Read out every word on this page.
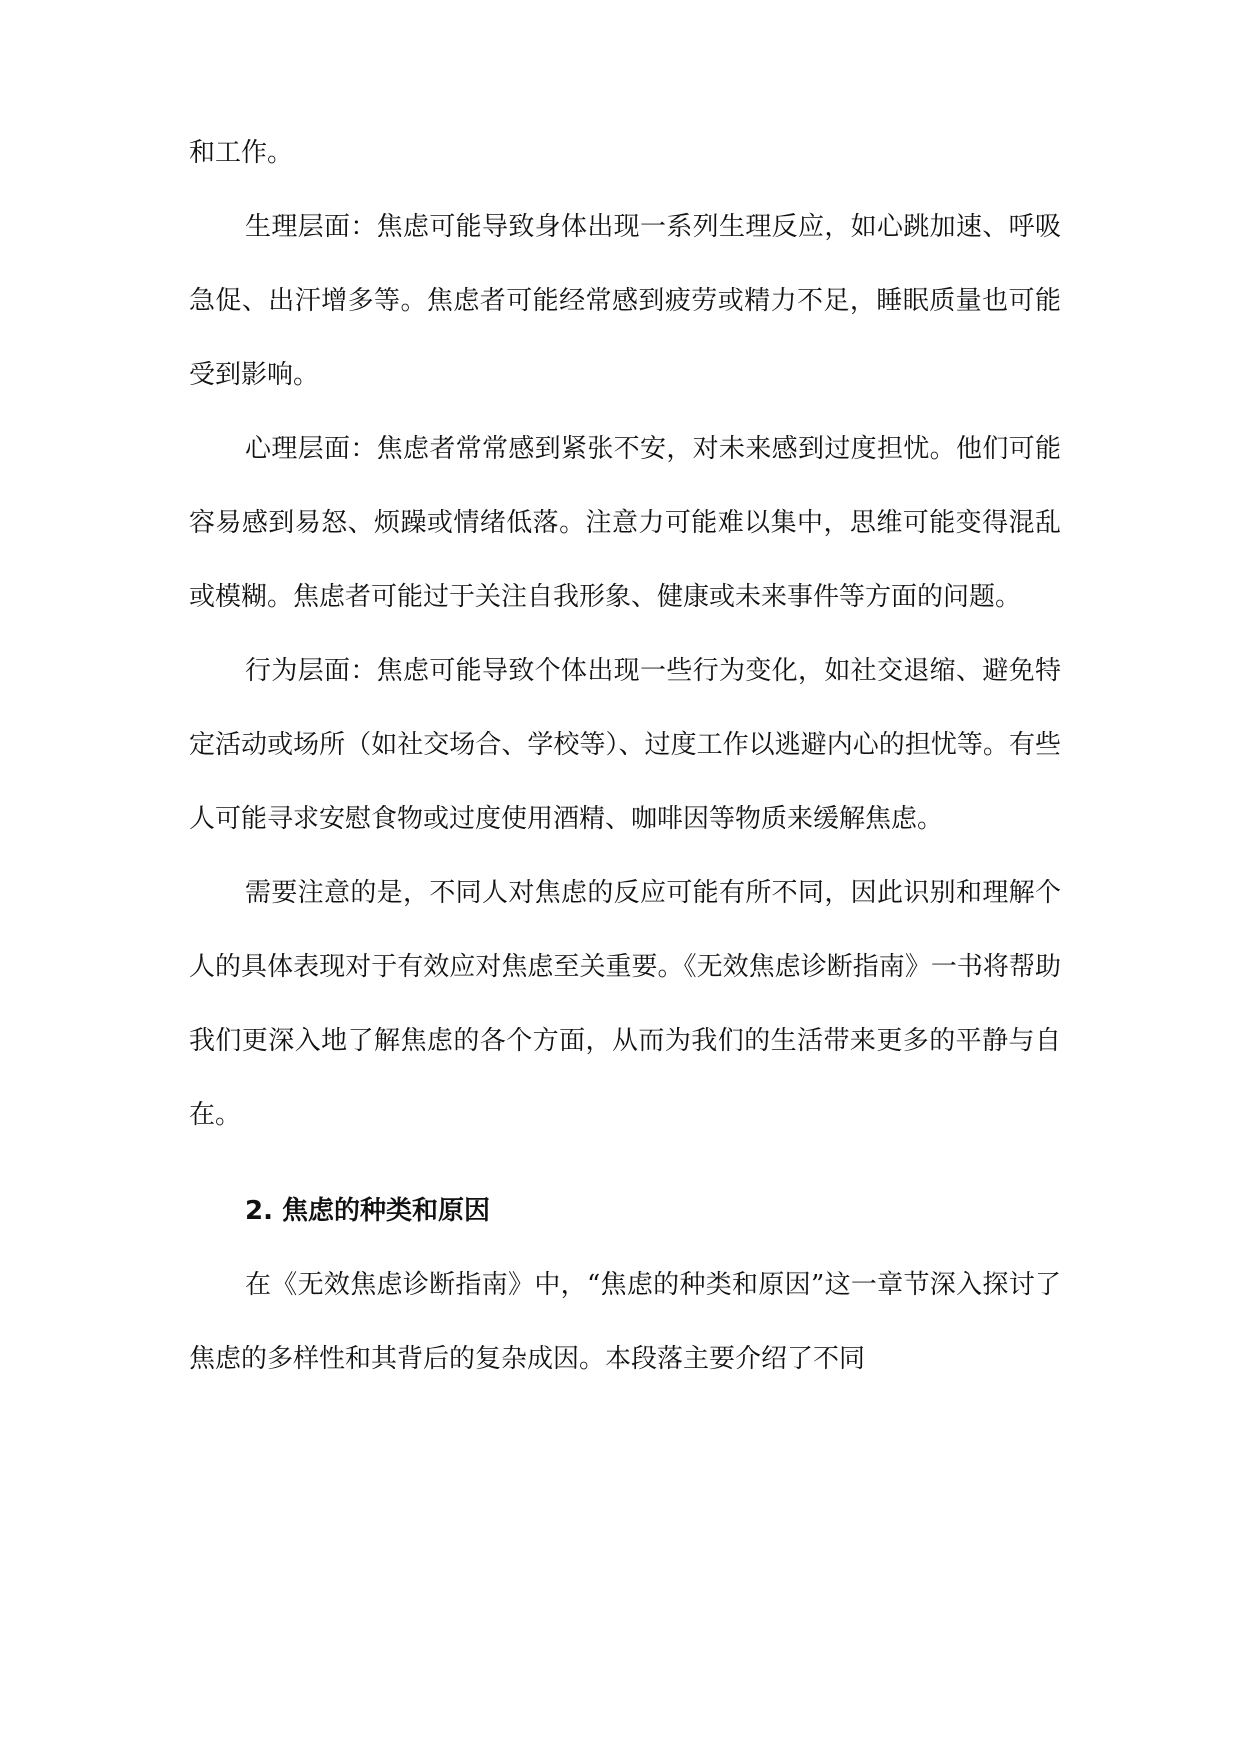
和工作。

生理层面：焦虑可能导致身体出现一系列生理反应，如心跳加速、呼吸急促、出汗增多等。焦虑者可能经常感到疲劳或精力不足，睡眠质量也可能受到影响。

心理层面：焦虑者常常感到紧张不安，对未来感到过度担忧。他们可能容易感到易怒、烦躁或情绪低落。注意力可能难以集中，思维可能变得混乱或模糊。焦虑者可能过于关注自我形象、健康或未来事件等方面的问题。

行为层面：焦虑可能导致个体出现一些行为变化，如社交退缩、避免特定活动或场所（如社交场合、学校等）、过度工作以逃避内心的担忧等。有些人可能寻求安慰食物或过度使用酒精、咖啡因等物质来缓解焦虑。

需要注意的是，不同人对焦虑的反应可能有所不同，因此识别和理解个人的具体表现对于有效应对焦虑至关重要。《无效焦虑诊断指南》一书将帮助我们更深入地了解焦虑的各个方面，从而为我们的生活带来更多的平静与自在。

2. 焦虑的种类和原因

在《无效焦虑诊断指南》中，“焦虑的种类和原因”这一章节深入探讨了焦虑的多样性和其背后的复杂成因。本段落主要介绍了不同
